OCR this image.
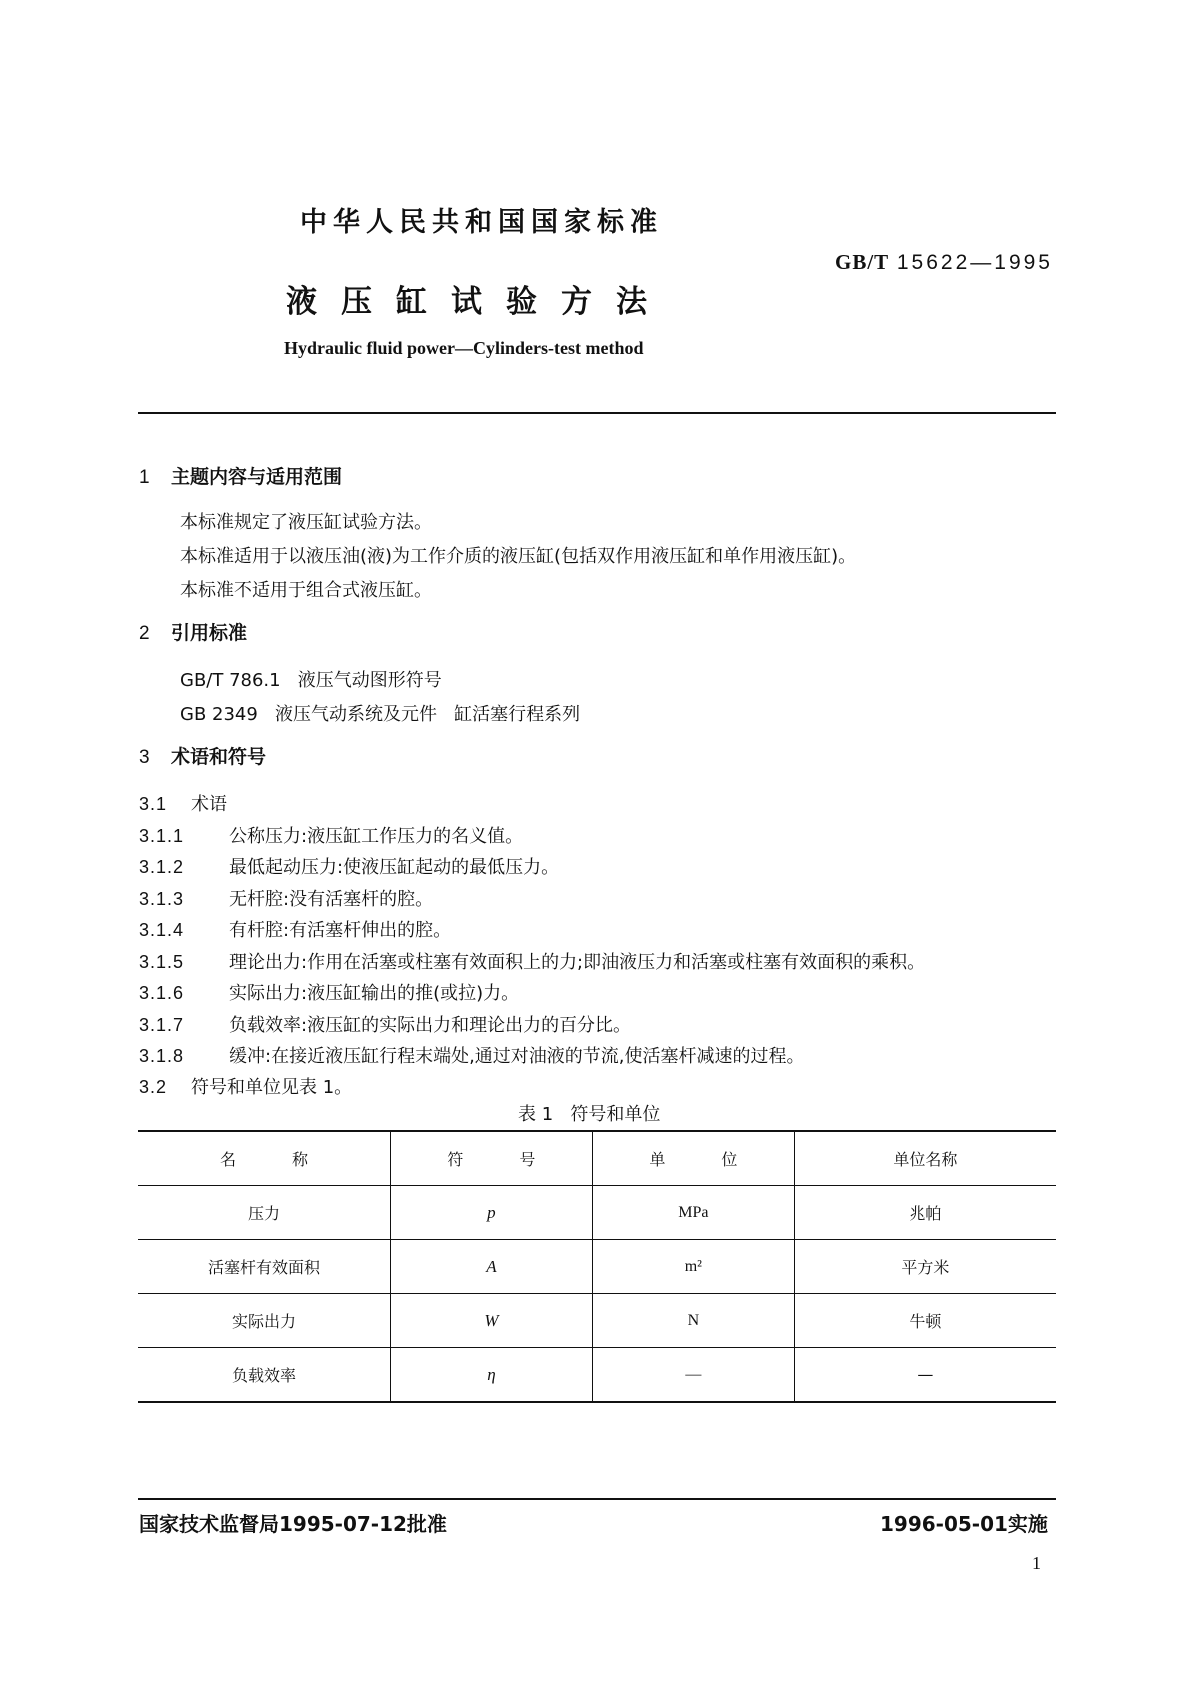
中华人民共和国国家标准
GB/T 15622—1995
液压缸试验方法
Hydraulic fluid power—Cylinders-test method
1 主题内容与适用范围
本标准规定了液压缸试验方法。
本标准适用于以液压油(液)为工作介质的液压缸(包括双作用液压缸和单作用液压缸)。
本标准不适用于组合式液压缸。
2 引用标准
GB/T 786.1   液压气动图形符号
GB 2349   液压气动系统及元件   缸活塞行程系列
3 术语和符号
3.1 术语
3.1.1 公称压力:液压缸工作压力的名义值。
3.1.2 最低起动压力:使液压缸起动的最低压力。
3.1.3 无杆腔:没有活塞杆的腔。
3.1.4 有杆腔:有活塞杆伸出的腔。
3.1.5 理论出力:作用在活塞或柱塞有效面积上的力;即油液压力和活塞或柱塞有效面积的乘积。
3.1.6 实际出力:液压缸输出的推(或拉)力。
3.1.7 负载效率:液压缸的实际出力和理论出力的百分比。
3.1.8 缓冲:在接近液压缸行程末端处,通过对油液的节流,使活塞杆减速的过程。
3.2 符号和单位见表 1。
表 1   符号和单位
名称	符号	单位	单位名称
压力	p	MPa	兆帕
活塞杆有效面积	A	m²	平方米
实际出力	W	N	牛顿
负载效率	η	—	—
国家技术监督局1995-07-12批准	1996-05-01实施
1
